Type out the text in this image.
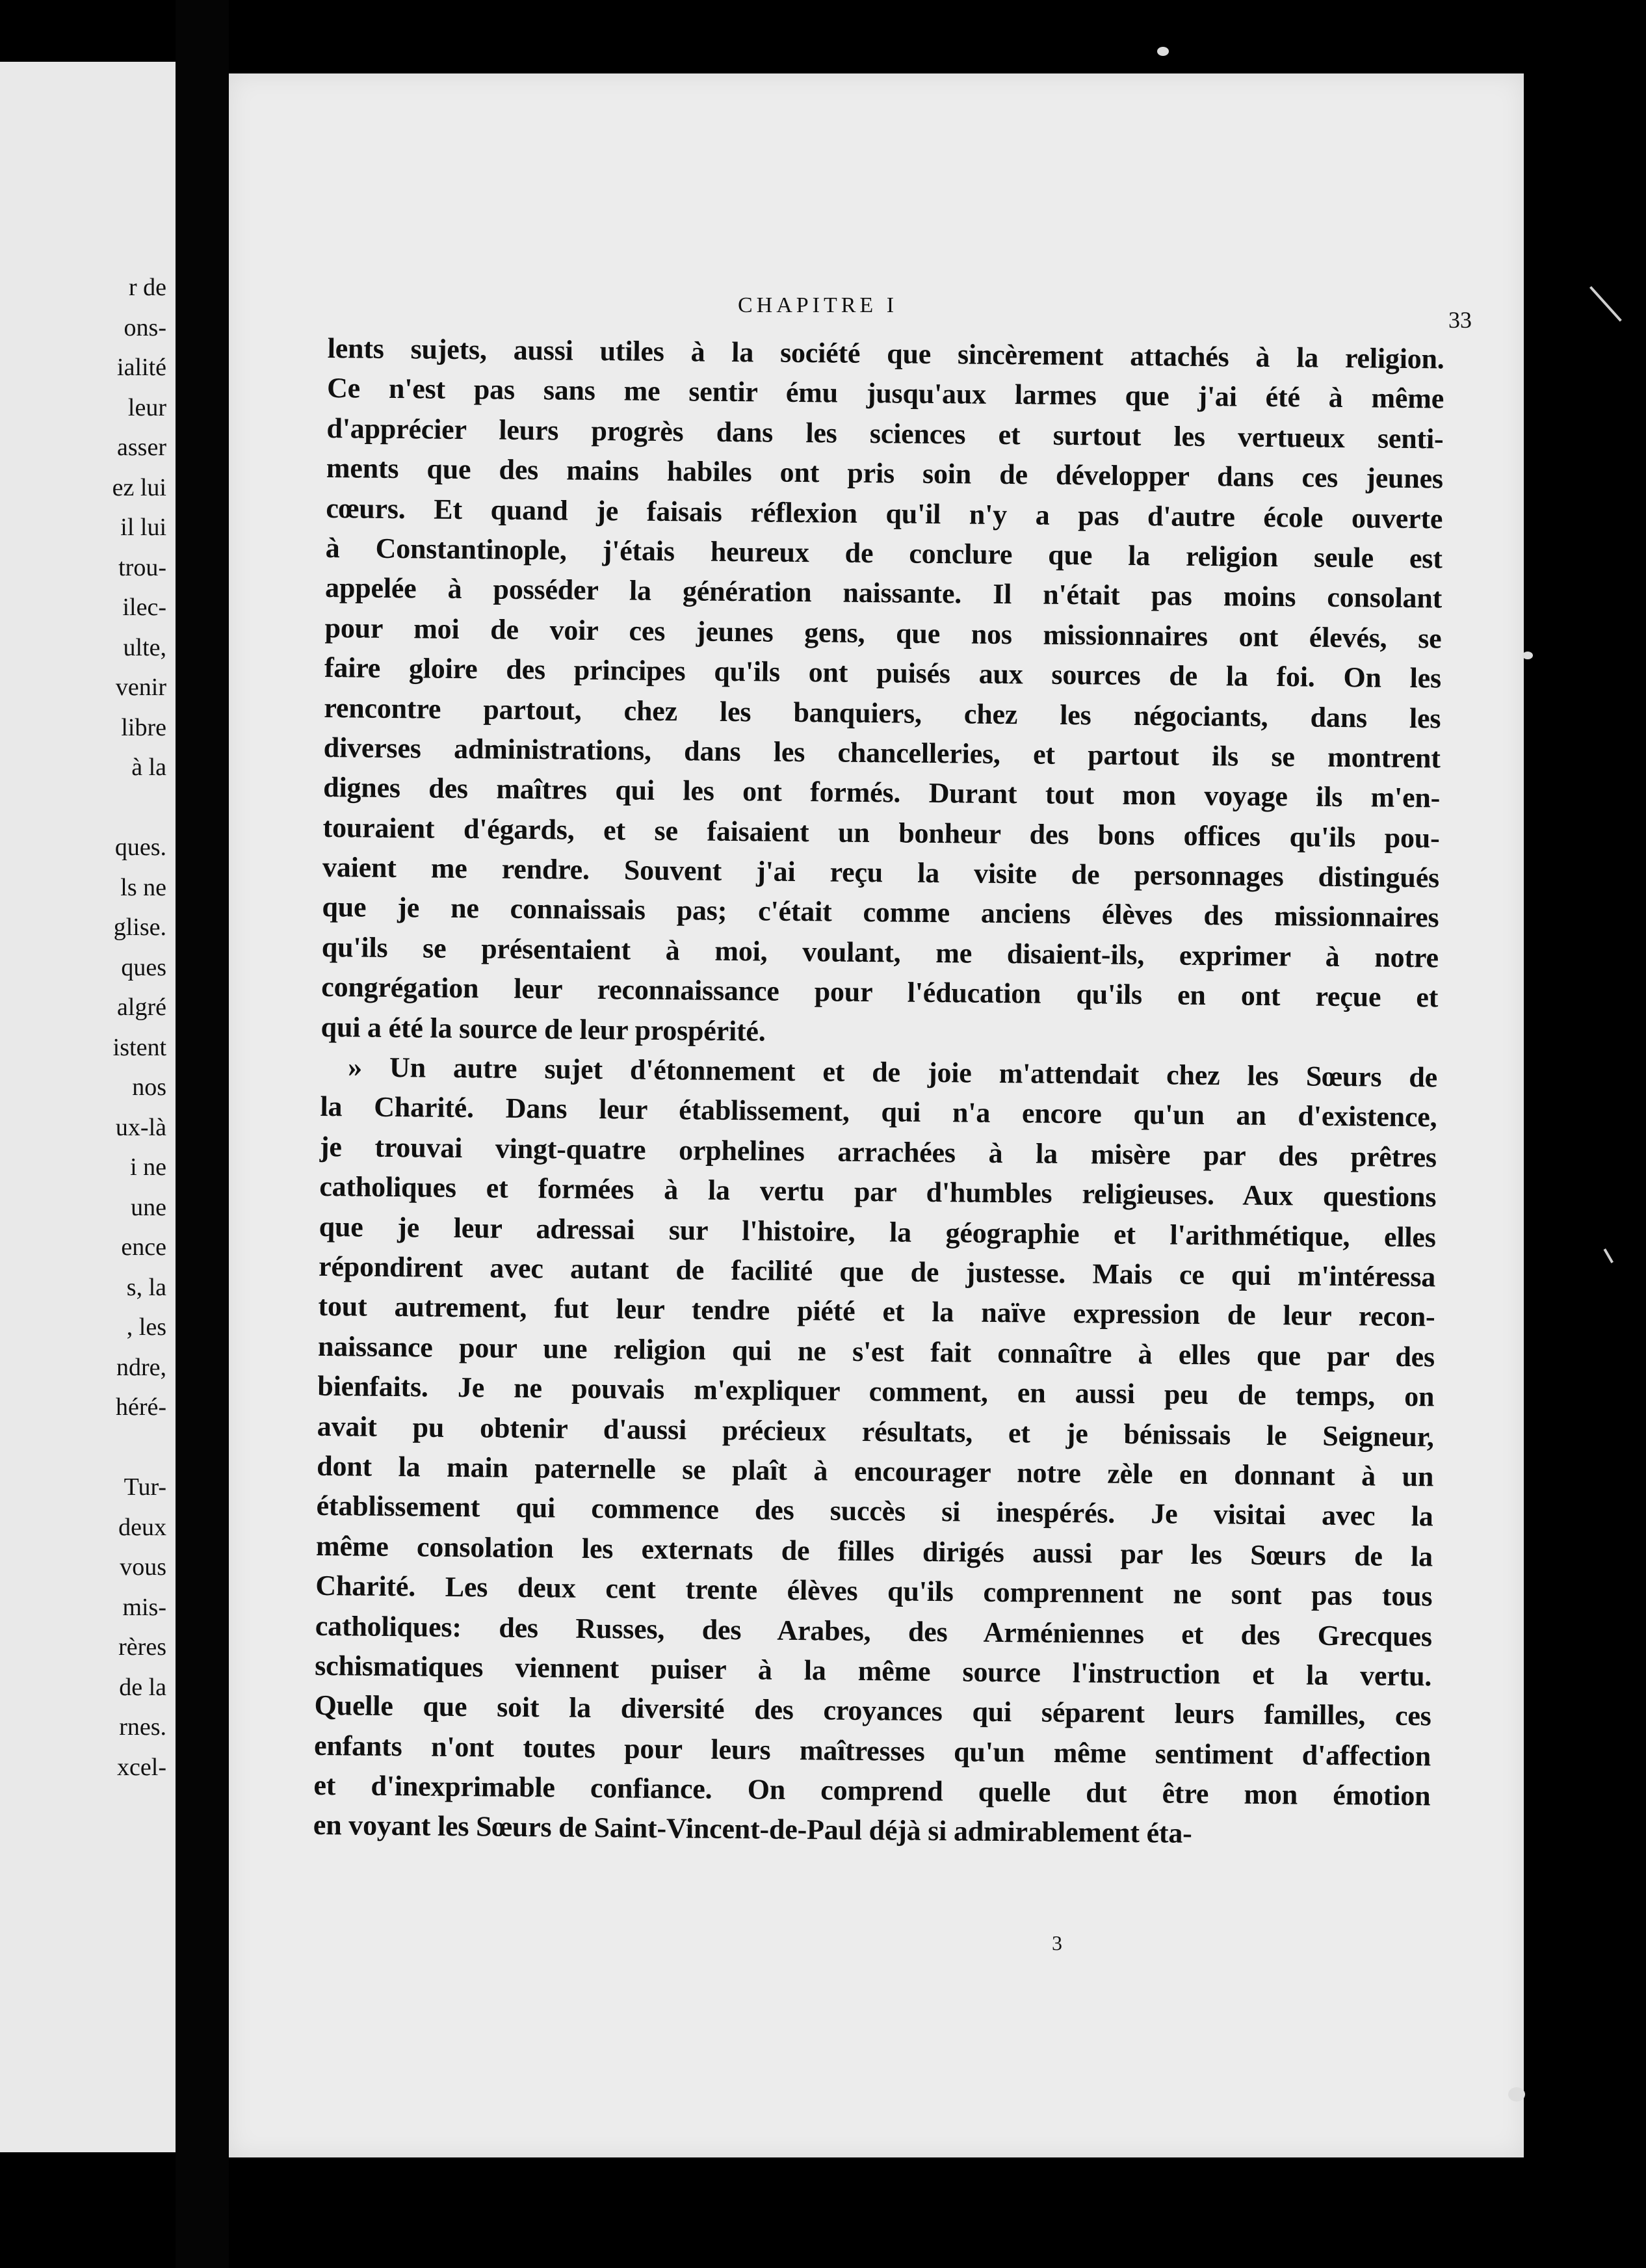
r de

ons-

ialité

leur

asser

ez lui

il lui

trou-

ilec-

ulte,

venir

libre

à la

ques.

ls ne

glise.

ques

algré

istent

nos

ux-là

i ne

une

ence

s, la

, les

ndre,

héré-

Tur-

deux

vous

mis-

rères

de la

rnes.

xcel-

CHAPITRE I
33
lents sujets, aussi utiles à la société que sincèrement attachés à la religion.
Ce n'est pas sans me sentir ému jusqu'aux larmes que j'ai été à même
d'apprécier leurs progrès dans les sciences et surtout les vertueux senti-
ments que des mains habiles ont pris soin de développer dans ces jeunes
cœurs. Et quand je faisais réflexion qu'il n'y a pas d'autre école ouverte
à Constantinople, j'étais heureux de conclure que la religion seule est
appelée à posséder la génération naissante. Il n'était pas moins consolant
pour moi de voir ces jeunes gens, que nos missionnaires ont élevés, se
faire gloire des principes qu'ils ont puisés aux sources de la foi. On les
rencontre partout, chez les banquiers, chez les négociants, dans les
diverses administrations, dans les chancelleries, et partout ils se montrent
dignes des maîtres qui les ont formés. Durant tout mon voyage ils m'en-
touraient d'égards, et se faisaient un bonheur des bons offices qu'ils pou-
vaient me rendre. Souvent j'ai reçu la visite de personnages distingués
que je ne connaissais pas; c'était comme anciens élèves des missionnaires
qu'ils se présentaient à moi, voulant, me disaient-ils, exprimer à notre
congrégation leur reconnaissance pour l'éducation qu'ils en ont reçue et
qui a été la source de leur prospérité.
» Un autre sujet d'étonnement et de joie m'attendait chez les Sœurs de
la Charité. Dans leur établissement, qui n'a encore qu'un an d'existence,
je trouvai vingt-quatre orphelines arrachées à la misère par des prêtres
catholiques et formées à la vertu par d'humbles religieuses. Aux questions
que je leur adressai sur l'histoire, la géographie et l'arithmétique, elles
répondirent avec autant de facilité que de justesse. Mais ce qui m'intéressa
tout autrement, fut leur tendre piété et la naïve expression de leur recon-
naissance pour une religion qui ne s'est fait connaître à elles que par des
bienfaits. Je ne pouvais m'expliquer comment, en aussi peu de temps, on
avait pu obtenir d'aussi précieux résultats, et je bénissais le Seigneur,
dont la main paternelle se plaît à encourager notre zèle en donnant à un
établissement qui commence des succès si inespérés. Je visitai avec la
même consolation les externats de filles dirigés aussi par les Sœurs de la
Charité. Les deux cent trente élèves qu'ils comprennent ne sont pas tous
catholiques: des Russes, des Arabes, des Arméniennes et des Grecques
schismatiques viennent puiser à la même source l'instruction et la vertu.
Quelle que soit la diversité des croyances qui séparent leurs familles, ces
enfants n'ont toutes pour leurs maîtresses qu'un même sentiment d'affection
et d'inexprimable confiance. On comprend quelle dut être mon émotion
en voyant les Sœurs de Saint-Vincent-de-Paul déjà si admirablement éta-
3
